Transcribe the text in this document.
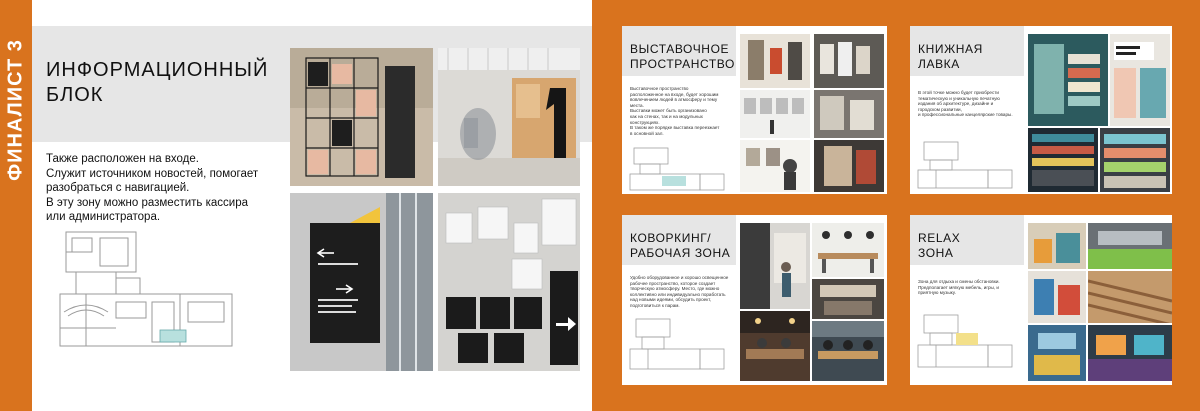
ФИНАЛИСТ 3 ИНФОРМАЦИОННЫЙ
БЛОК
Также расположен на входе.
Служит источником новостей, помогает
разобраться с навигацией.
В эту зону можно разместить кассира
или администратора.
ВЫСТАВОЧНОЕ
ПРОСТРАНСТВО
Выставочное пространство
расположенное на входе, будет хорошим
вовлечением людей в атмосферу и тему
места.
Выставки может быть организовано
как на стенах, так и на модульных
конструкциях.
В таком же порядке выставка переезжает
в основной зал.
КНИЖНАЯ
ЛАВКА
В этой точке можно будет приобрести
тематическую и уникальную печатную
издания об архитектуре, дизайне и
городском развитии,
и профессиональные канцелярские товары.
КОВОРКИНГ/
РАБОЧАЯ ЗОНА
Удобно оборудованное и хорошо освещенное
рабочее пространство, которое создает
творческую атмосферу. Место, где можно
коллективно или индивидуально поработать
над новыми идеями, обсудить проект,
подготовиться к парам.
RELAX
ЗОНА
Зона для отдыха и смены обстановки.
Предполагает мягкую мебель, игры, и
приятную музыку.
